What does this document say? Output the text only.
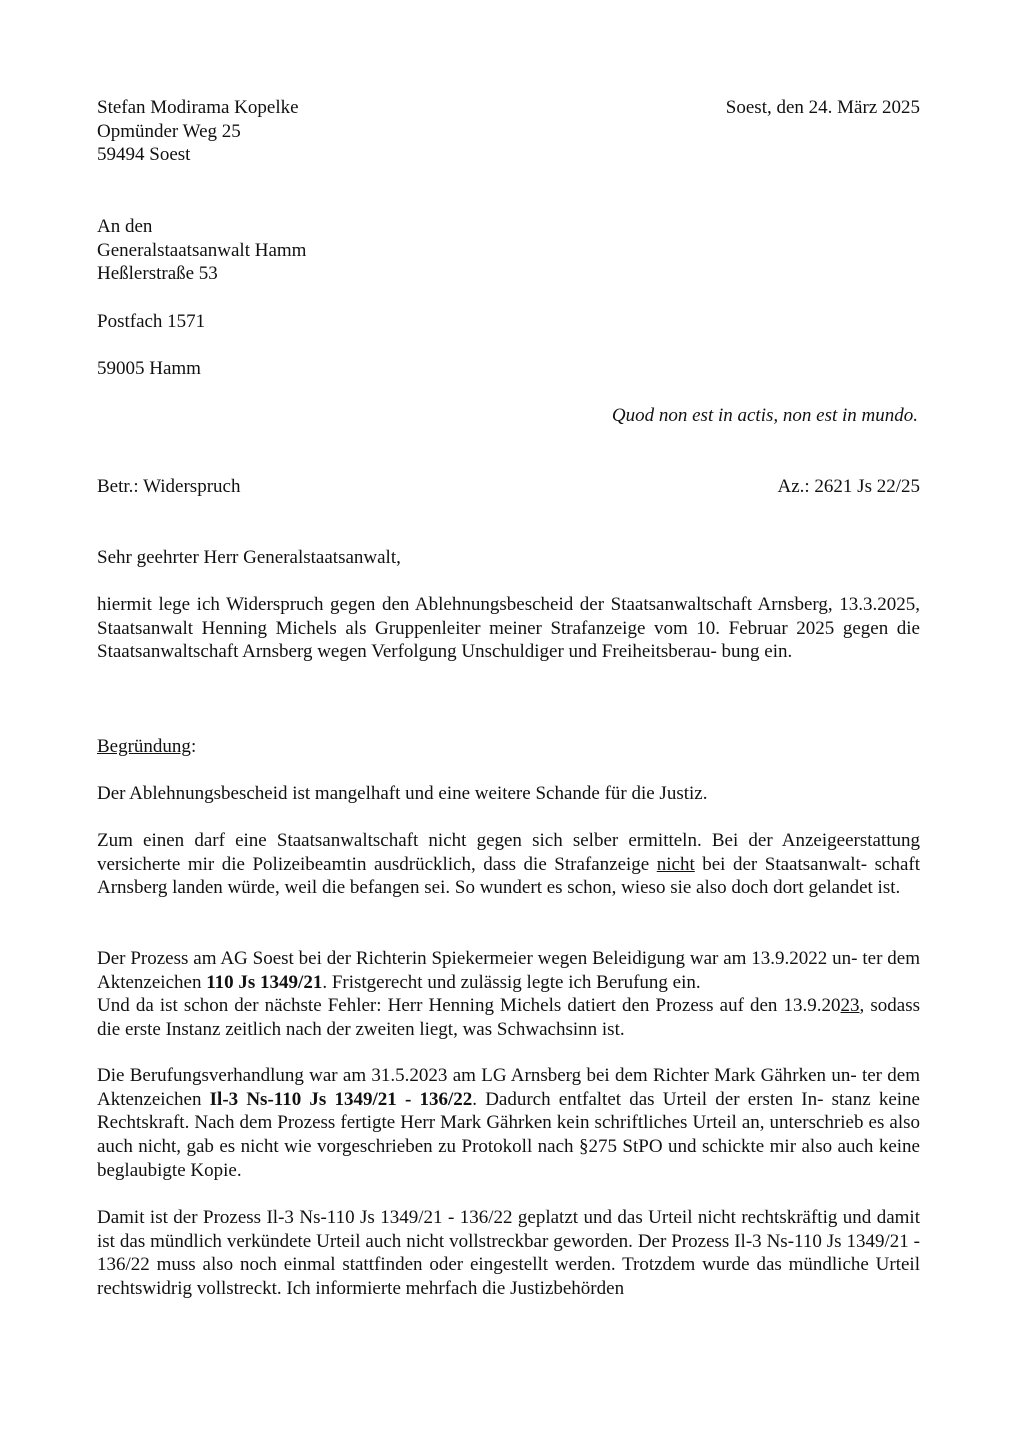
Stefan Modirama Kopelke
Opmünder Weg 25
59494 Soest
Soest, den 24. März 2025
An den
Generalstaatsanwalt Hamm
Heßlerstraße 53
Postfach 1571
59005 Hamm
Quod non est in actis, non est in mundo.
Betr.: Widerspruch	Az.: 2621 Js 22/25
Sehr geehrter Herr Generalstaatsanwalt,

hiermit lege ich Widerspruch gegen den Ablehnungsbescheid der Staatsanwaltschaft Arnsberg, 13.3.2025, Staatsanwalt Henning Michels als Gruppenleiter meiner Strafanzeige vom 10. Februar 2025 gegen die Staatsanwaltschaft Arnsberg wegen Verfolgung Unschuldiger und Freiheitsberau- bung ein.

Begründung:

Der Ablehnungsbescheid ist mangelhaft und eine weitere Schande für die Justiz.

Zum einen darf eine Staatsanwaltschaft nicht gegen sich selber ermitteln. Bei der Anzeigeerstattung versicherte mir die Polizeibeamtin ausdrücklich, dass die Strafanzeige nicht bei der Staatsanwalt- schaft Arnsberg landen würde, weil die befangen sei. So wundert es schon, wieso sie also doch dort gelandet ist.

Der Prozess am AG Soest bei der Richterin Spiekermeier wegen Beleidigung war am 13.9.2022 un- ter dem Aktenzeichen 110 Js 1349/21. Fristgerecht und zulässig legte ich Berufung ein.

Und da ist schon der nächste Fehler: Herr Henning Michels datiert den Prozess auf den 13.9.2023, sodass die erste Instanz zeitlich nach der zweiten liegt, was Schwachsinn ist.

Die Berufungsverhandlung war am 31.5.2023 am LG Arnsberg bei dem Richter Mark Gährken un- ter dem Aktenzeichen Il-3 Ns-110 Js 1349/21 - 136/22. Dadurch entfaltet das Urteil der ersten In- stanz keine Rechtskraft. Nach dem Prozess fertigte Herr Mark Gährken kein schriftliches Urteil an, unterschrieb es also auch nicht, gab es nicht wie vorgeschrieben zu Protokoll nach §275 StPO und schickte mir also auch keine beglaubigte Kopie.

Damit ist der Prozess Il-3 Ns-110 Js 1349/21 - 136/22 geplatzt und das Urteil nicht rechtskräftig und damit ist das mündlich verkündete Urteil auch nicht vollstreckbar geworden. Der Prozess Il-3 Ns-110 Js 1349/21 - 136/22 muss also noch einmal stattfinden oder eingestellt werden. Trotzdem wurde das mündliche Urteil rechtswidrig vollstreckt. Ich informierte mehrfach die Justizbehörden
